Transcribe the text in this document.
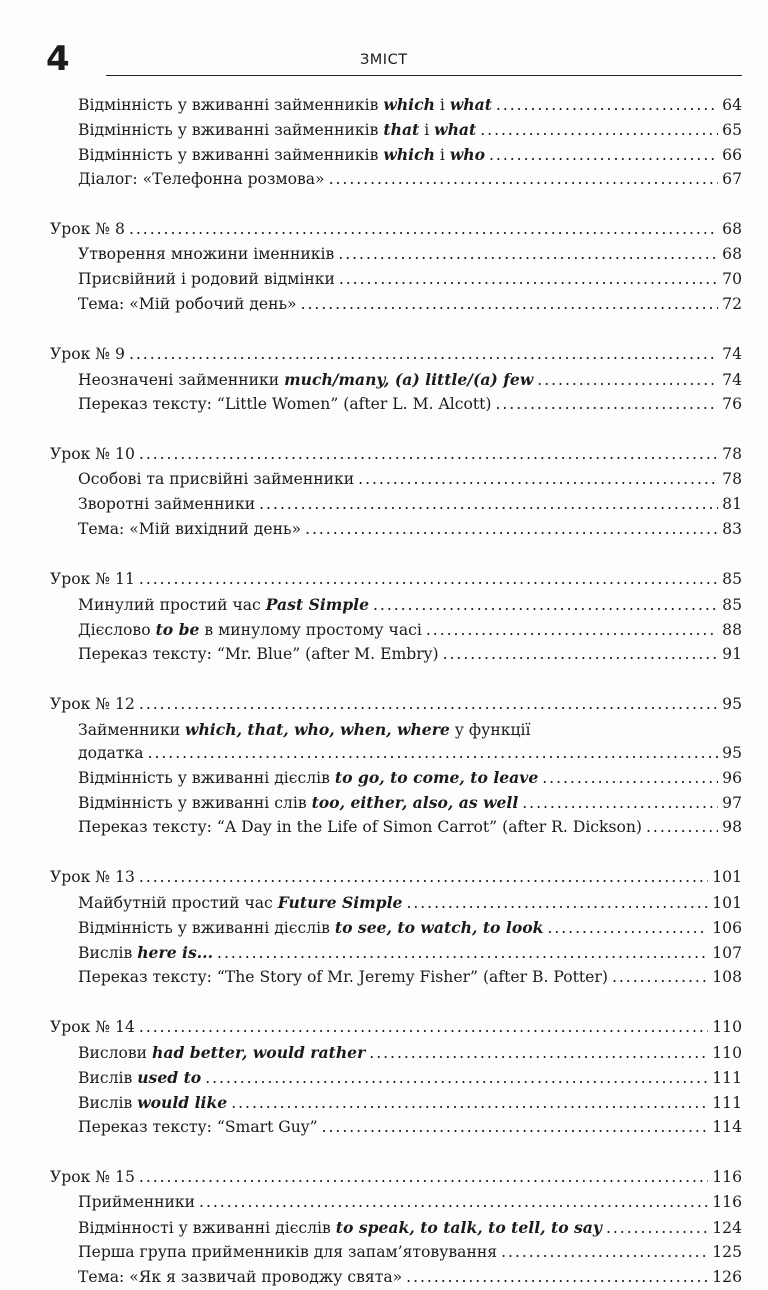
4	ЗМІСТ
Відмінність у вживанні займенників which і what . . .	64
Відмінність у вживанні займенників that і what . . .	65
Відмінність у вживанні займенників which і who . . .	66
Діалог: «Телефонна розмова» . . .	67
Урок № 8 . . .	68
Утворення множини іменників . . .	68
Присвійний і родовий відмінки . . .	70
Тема: «Мій робочий день» . . .	72
Урок № 9 . . .	74
Неозначені займенники much/many, (a) little/(a) few . . .	74
Переказ тексту: “Little Women” (after L. M. Alcott) . . .	76
Урок № 10 . . .	78
Особові та присвійні займенники . . .	78
Зворотні займенники . . .	81
Тема: «Мій вихідний день» . . .	83
Урок № 11 . . .	85
Минулий простий час Past Simple . . .	85
Дієслово to be в минулому простому часі . . .	88
Переказ тексту: “Mr. Blue” (after M. Embry) . . .	91
Урок № 12 . . .	95
Займенники which, that, who, when, where у функції
додатка . . .	95
Відмінність у вживанні дієслів to go, to come, to leave . . .	96
Відмінність у вживанні слів too, either, also, as well . . .	97
Переказ тексту: “A Day in the Life of Simon Carrot” (after R. Dickson) . . .	98
Урок № 13 . . .	101
Майбутній простий час Future Simple . . .	101
Відмінність у вживанні дієслів to see, to watch, to look . . .	106
Вислів here is... . . .	107
Переказ тексту: “The Story of Mr. Jeremy Fisher” (after B. Potter) . . .	108
Урок № 14 . . .	110
Вислови had better, would rather . . .	110
Вислів used to . . .	111
Вислів would like . . .	111
Переказ тексту: “Smart Guy” . . .	114
Урок № 15 . . .	116
Прийменники . . .	116
Відмінності у вживанні дієслів to speak, to talk, to tell, to say . . .	124
Перша група прийменників для запам’ятовування . . .	125
Тема: «Як я зазвичай проводжу свята» . . .	126
